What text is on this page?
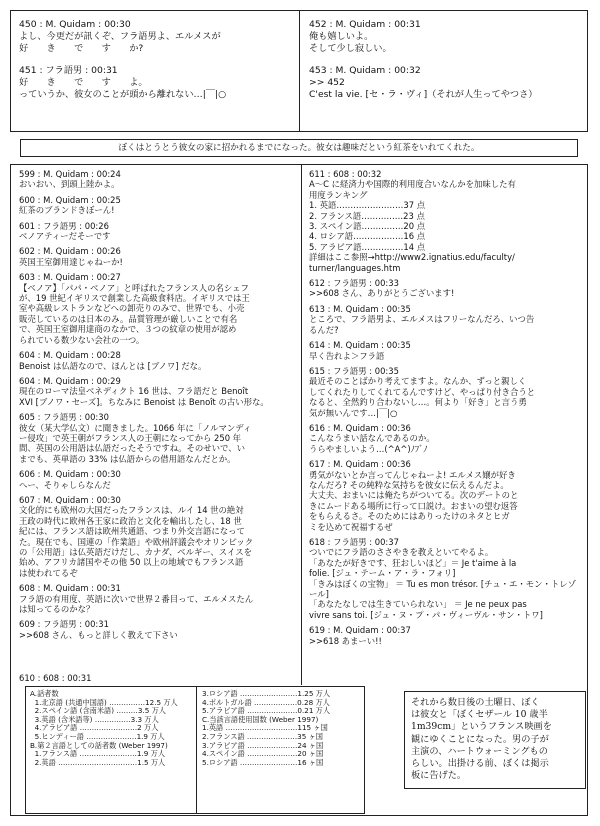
450 : M. Quidam : 00:30
よし、今更だが訊くぞ、フラ語男よ、エルメスが
好　　き　　で　　す　　か?
451 : フラ語男 : 00:31
好　　き　　で　　す　　よ。
っていうか、彼女のことが頭から離れない…|￣|○
452 : M. Quidam : 00:31
俺も嬉しいよ。
そして少し寂しい。
453 : M. Quidam : 00:32
>> 452
C'est la vie. [セ・ラ・ヴィ]（それが人生ってやつさ）
ぼくはとうとう彼女の家に招かれるまでになった。彼女は趣味だという紅茶をいれてくれた。
599 : M. Quidam : 00:24
おいおい、到頭上陸かよ。
600 : M. Quidam : 00:25
紅茶のブランドきぼーん!
601 : フラ語男 : 00:26
ベノアティーだそーです
602 : M. Quidam : 00:26
英国王室御用達じゃねーか!
603 : M. Quidam : 00:27
【ベノア】「パパ・ベノア」と呼ばれたフランス人の名シェフ
が、19 世紀イギリスで創業した高級食料店。イギリスでは王
室や高級レストランなどへの卸売りのみで、世界でも、小売
販売しているのは日本のみ。品質管理が厳しいことで有名
で、英国王室御用達商のなかで、３つの紋章の使用が認め
られている数少ない会社の一つ。
604 : M. Quidam : 00:28
Benoist は仏語なので、ほんとは [ブノワ] だな。
604 : M. Quidam : 00:29
現在のローマ法皇ベネディクト 16 世は、フラ語だと Benoît
XVI [ブノワ・セーズ]。ちなみに Benoist は Benoît の古い形な。
605 : フラ語男 : 00:30
彼女（某大学仏文）に聞きました。1066 年に「ノルマンディ
ー侵攻」で英王朝がフランス人の王朝になってから 250 年
間、英国の公用語は仏語だったそうですね。そのせいで、い
までも、英単語の 33% は仏語からの借用語なんだとか。
606 : M. Quidam : 00:30
へー、そりゃしらなんだ
607 : M. Quidam : 00:30
文化的にも欧州の大国だったフランスは、ルイ 14 世の絶対
王政の時代に欧州各王家に政治と文化を輸出したし、18 世
紀には、フランス語は欧州共通語、つまり外交言語になって
た。現在でも、国連の「作業語」や欧州評議会やオリンピック
の「公用語」は仏英語だけだし、カナダ、ベルギー、スイスを
始め、アフリカ諸国やその他 50 以上の地域でもフランス語
は使われてるぞ
608 : M. Quidam : 00:31
フラ語の有用度、英語に次いで世界２番目って、エルメスたん
は知ってるのかな？
609 : フラ語男 : 00:31
>>608 さん、もっと詳しく教えて下さい
611 : 608 : 00:32
A～C に経済力や国際的利用度合いなんかを加味した有
用度ランキング
1. 英語……………………37 点
2. フランス語……………23 点
3. スペイン語……………20 点
4. ロシア語………………16 点
5. アラビア語……………14 点
詳細はここ参照→http://www2.ignatius.edu/faculty/
turner/languages.htm
612 : フラ語男 : 00:33
>>608 さん、ありがとうございます!
613 : M. Quidam : 00:35
ところで、フラ語男よ、エルメスはフリーなんだろ、いつ告
るんだ?
614 : M. Quidam : 00:35
早く告れよ＞フラ語
615 : フラ語男 : 00:35
最近そのことばかり考えてますよ。なんか、ずっと親しく
してくれたりしてくれてるんですけど、やっぱり付き合うと
なると、全然釣り合わないし…。何より「好き」と言う勇
気が無いんです…|￣|○
616 : M. Quidam : 00:36
こんなうまい話なんであるのか。
うらやましいよう…(^A^)ﾉﾌﾞﾉ
617 : M. Quidam : 00:36
勇気がないとか言ってんじゃねーよ! エルメス嬢が好き
なんだろ? その純粋な気持ちを彼女に伝えるんだよ。
大丈夫、おまいには俺たちがついてる。次のデートのと
きにムードある場所に行って口説け。おまいの望む返答
をもらえるさ。そのためにはありったけのネタとヒガ
ミを込めて祝福するぜ
618 : フラ語男 : 00:37
ついでにフラ語のささやきを教えといてやるよ。
「あなたが好きです、狂おしいほど」＝ Je t'aime à la
folie. [ジュ・テーム・ア・ラ・フォリ]
「きみはぼくの宝物」 ＝ Tu es mon trésor. [チュ・エ・モン・トレゾール]
「あなたなしでは生きていられない」 ＝ Je ne peux pas
vivre sans toi. [ジュ・ヌ・プ・パ・ヴィーヴル・サン・トワ]
619 : M. Quidam : 00:37
>>618 あまーい!!
610 : 608 : 00:31
A.話者数
1.北京語 (共通中国語) ……………12.5 万人
2.スペイン語 (含南米語) ………3.5 万人
3.英語 (含米語等) ……………3.3 万人
4.アラビア語 ……………………2 万人
5.ヒンディー語 …………………1.9 万人
B.第２言語としての話者数 (Weber 1997)
1.フランス語 ……………………1.9 万人
2.英語 ……………………………1.5 万人
3.ロシア語 ……………………1.25 万人
4.ポルトガル語 ………………0.28 万人
5.アラビア語 …………………0.21 万人
C.当該言語使用国数 (Weber 1997)
1.英語 …………………………115 ヶ国
2.フランス語 …………………35 ヶ国
3.アラビア語 …………………24 ヶ国
4.スペイン語 …………………20 ヶ国
5.ロシア語 ……………………16 ヶ国
それから数日後の土曜日、ぼく
は彼女と「ぼくセザール 10 歳半
1m39cm」というフランス映画を
観にゆくことになった。男の子が
主演の、ハートウォーミングもの
らしい。出掛ける前、ぼくは掲示
板に告げた。
